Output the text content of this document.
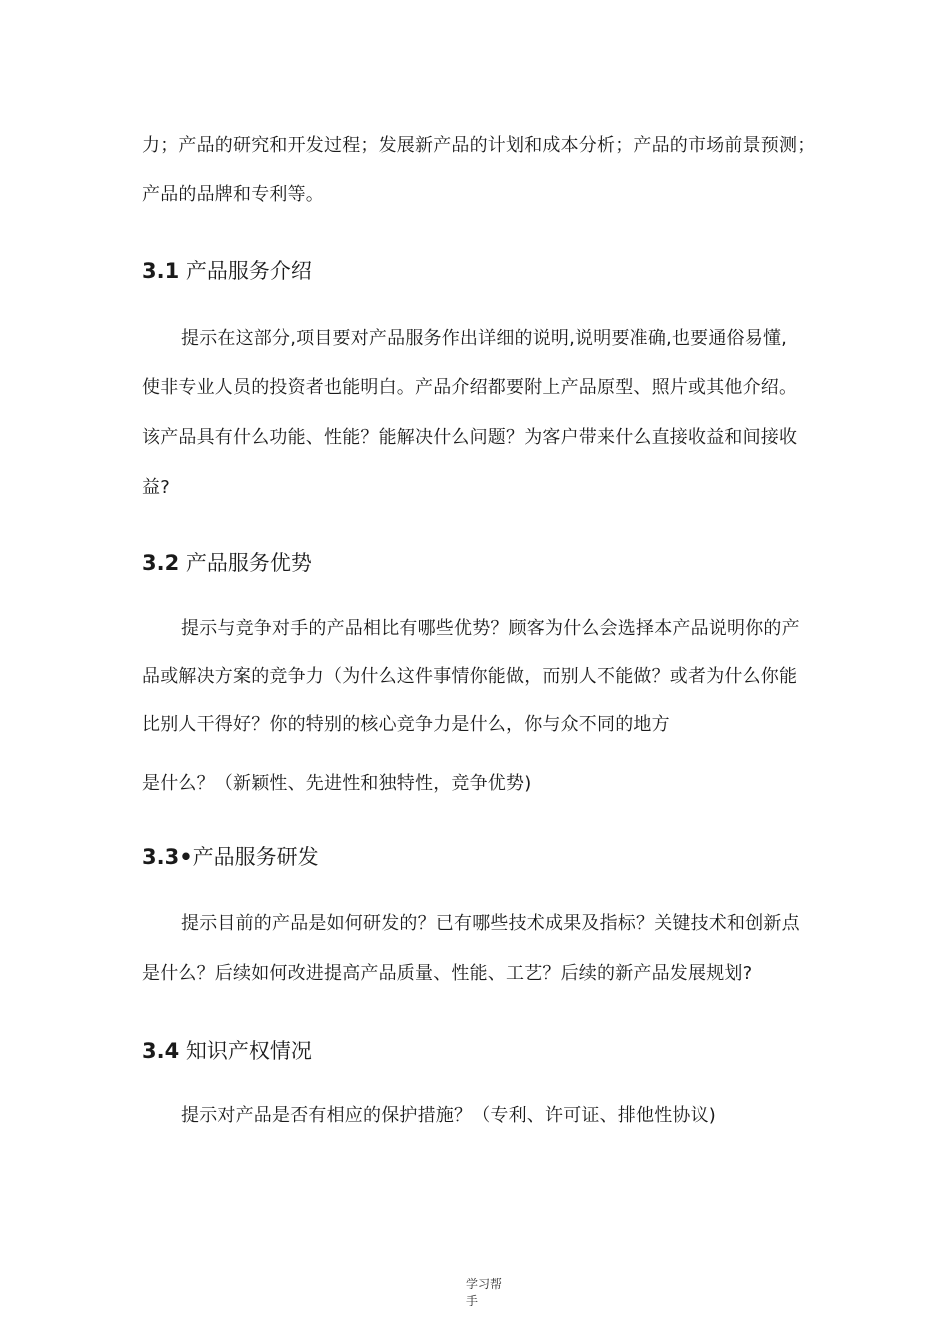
力；产品的研究和开发过程；发展新产品的计划和成本分析；产品的市场前景预测；
产品的品牌和专利等。
3.1 产品服务介绍
提示在这部分,项目要对产品服务作出详细的说明,说明要准确,也要通俗易懂,
使非专业人员的投资者也能明白。产品介绍都要附上产品原型、照片或其他介绍。
该产品具有什么功能、性能？能解决什么问题？为客户带来什么直接收益和间接收
益?
3.2 产品服务优势
提示与竞争对手的产品相比有哪些优势？顾客为什么会选择本产品说明你的产
品或解决方案的竞争力（为什么这件事情你能做，而别人不能做？或者为什么你能
比别人干得好？你的特别的核心竞争力是什么，你与众不同的地方
是什么？（新颖性、先进性和独特性，竞争优势)
3.3•产品服务研发
提示目前的产品是如何研发的？已有哪些技术成果及指标？关键技术和创新点
是什么？后续如何改进提高产品质量、性能、工艺？后续的新产品发展规划?
3.4 知识产权情况
提示对产品是否有相应的保护措施？（专利、许可证、排他性协议)
学习帮
手
